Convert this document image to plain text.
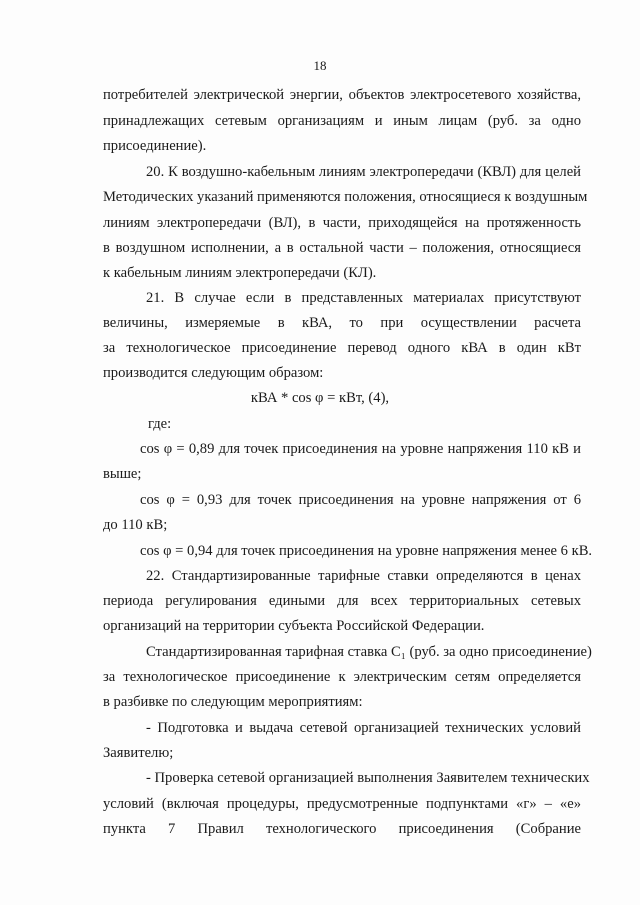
18
потребителей электрической энергии, объектов электросетевого хозяйства,
принадлежащих сетевым организациям и иным лицам (руб. за одно
присоединение).
20. К воздушно-кабельным линиям электропередачи (КВЛ) для целей
Методических указаний применяются положения, относящиеся к воздушным
линиям электропередачи (ВЛ), в части, приходящейся на протяженность
в воздушном исполнении, а в остальной части – положения, относящиеся
к кабельным линиям электропередачи (КЛ).
21. В случае если в представленных материалах присутствуют
величины, измеряемые в кВА, то при осуществлении расчета
за технологическое присоединение перевод одного кВА в один кВт
производится следующим образом:
кВА * cos φ = кВт, (4),
где:
cos φ = 0,89 для точек присоединения на уровне напряжения 110 кВ и
выше;
cos φ = 0,93 для точек присоединения на уровне напряжения от 6
до 110 кВ;
cos φ = 0,94 для точек присоединения на уровне напряжения менее 6 кВ.
22. Стандартизированные тарифные ставки определяются в ценах
периода регулирования едиными для всех территориальных сетевых
организаций на территории субъекта Российской Федерации.
Стандартизированная тарифная ставка C₁ (руб. за одно присоединение)
за технологическое присоединение к электрическим сетям определяется
в разбивке по следующим мероприятиям:
- Подготовка и выдача сетевой организацией технических условий
Заявителю;
- Проверка сетевой организацией выполнения Заявителем технических
условий (включая процедуры, предусмотренные подпунктами «г» – «е»
пункта 7 Правил технологического присоединения (Собрание
